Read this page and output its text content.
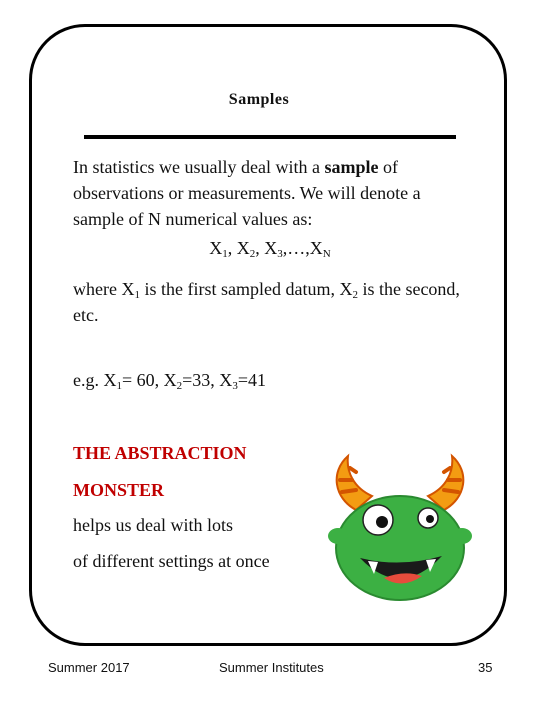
Samples

In statistics we usually deal with a sample of observations or measurements. We will denote a sample of N numerical values as:

$X_1$, $X_2$, $X_3,\dots,X_N$

where $X_1$ is the first sampled datum, $X_2$ is the second, etc.

e.g. $X_1= 60$, $X_2=33$, $X_3=41$
THE ABSTRACTION
MONSTER
helps us deal with lots
of different settings at once
Summer 2017	Summer Institutes	35
